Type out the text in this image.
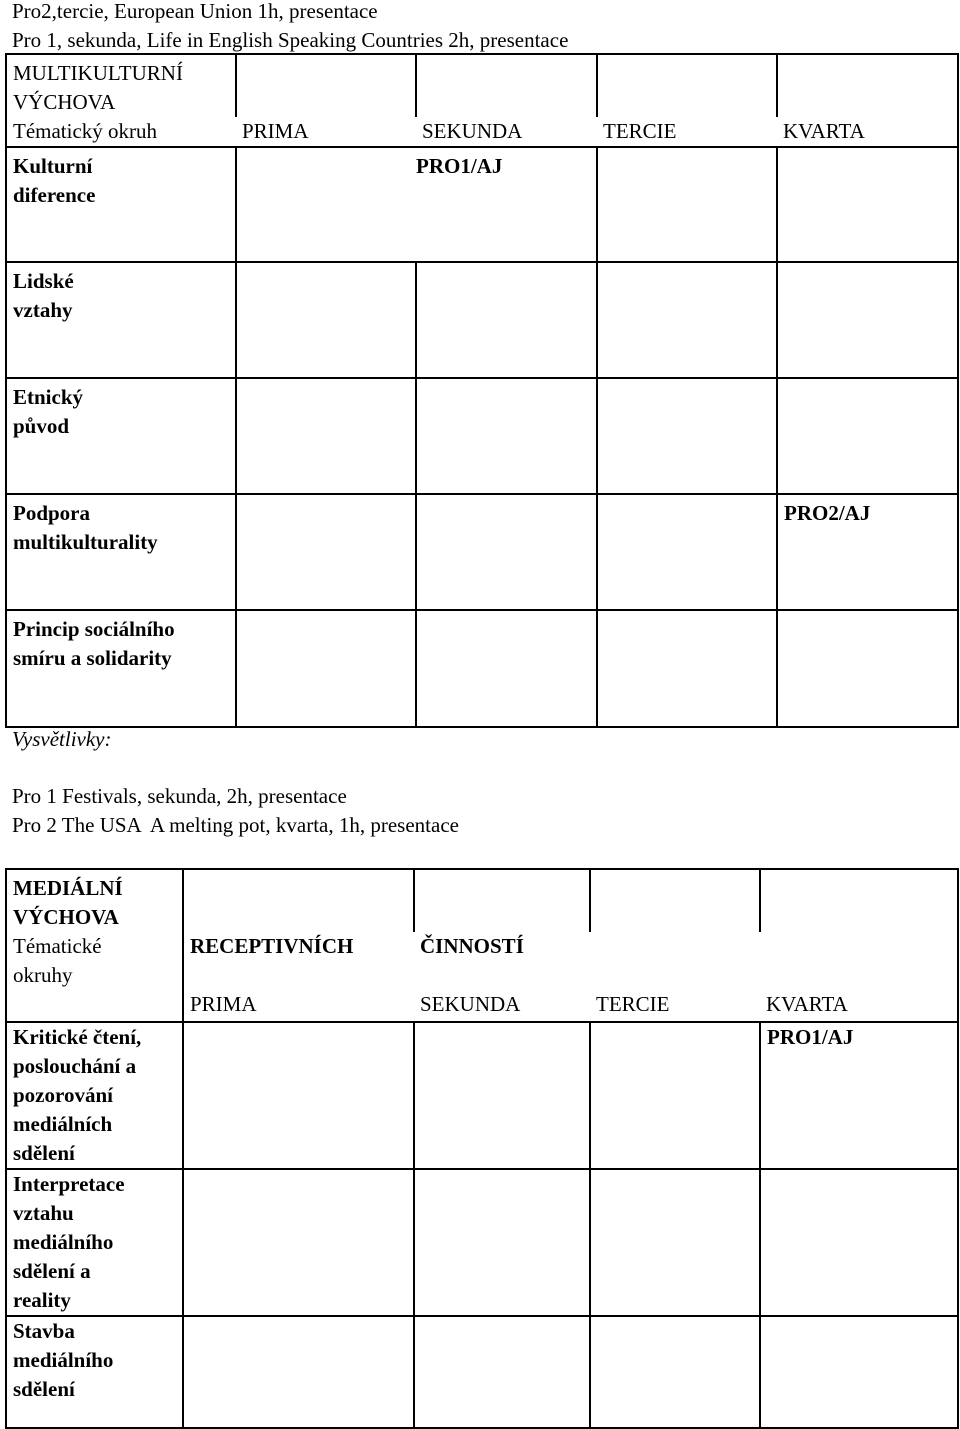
Pro2,tercie, European Union 1h, presentace
Pro 1, sekunda, Life in English Speaking Countries 2h, presentace
MULTIKULTURNÍ
VÝCHOVA				

Tématický okruh	PRIMA	SEKUNDA	TERCIE	KVARTA

Kulturní
diference		PRO1/AJ		

Lidské
vztahy				

Etnický
původ				

Podpora
multikulturality				PRO2/AJ

Princip sociálního
smíru a solidarity				

Vysvětlivky:
Pro 1 Festivals, sekunda, 2h, presentace
Pro 2 The USA  A melting pot, kvarta, 1h, presentace
MEDIÁLNÍ
VÝCHOVA				

Tématické
okruhy	RECEPTIVNÍCH	ČINNOSTÍ		
	PRIMA	SEKUNDA	TERCIE	KVARTA

Kritické čtení,
poslouchání a
pozorování
mediálních
sdělení				PRO1/AJ

Interpretace
vztahu
mediálního
sdělení a
reality				

Stavba
mediálního
sdělení				
